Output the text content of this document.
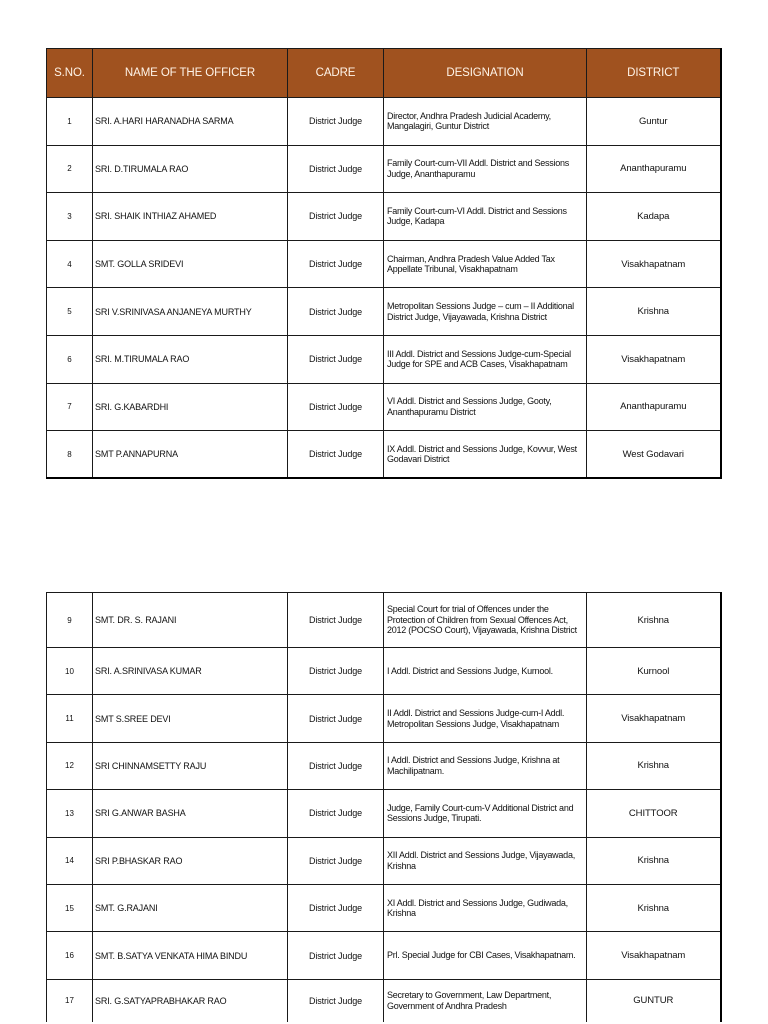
S.NO.	NAME OF THE OFFICER	CADRE	DESIGNATION	DISTRICT
1	SRI. A.HARI HARANADHA SARMA	District Judge	Director, Andhra Pradesh Judicial Academy, Mangalagiri, Guntur District	Guntur
2	SRI. D.TIRUMALA RAO	District Judge	Family Court-cum-VII Addl. District and Sessions Judge, Ananthapuramu	Ananthapuramu
3	SRI. SHAIK INTHIAZ AHAMED	District Judge	Family Court-cum-VI Addl. District and Sessions Judge, Kadapa	Kadapa
4	SMT. GOLLA SRIDEVI	District Judge	Chairman, Andhra Pradesh Value Added Tax Appellate Tribunal, Visakhapatnam	Visakhapatnam
5	SRI V.SRINIVASA ANJANEYA MURTHY	District Judge	Metropolitan Sessions Judge – cum – II Additional District Judge, Vijayawada, Krishna District	Krishna
6	SRI. M.TIRUMALA RAO	District Judge	III Addl. District and Sessions Judge-cum-Special Judge for SPE and ACB Cases, Visakhapatnam	Visakhapatnam
7	SRI. G.KABARDHI	District Judge	VI Addl. District and Sessions Judge, Gooty, Ananthapuramu District	Ananthapuramu
8	SMT P.ANNAPURNA	District Judge	IX Addl. District and Sessions Judge, Kovvur, West Godavari District	West Godavari
9	SMT. DR. S. RAJANI	District Judge	Special Court for trial of Offences under the Protection of Children from Sexual Offences Act, 2012 (POCSO Court), Vijayawada, Krishna District	Krishna
10	SRI. A.SRINIVASA KUMAR	District Judge	I Addl. District and Sessions Judge, Kurnool.	Kurnool
11	SMT S.SREE DEVI	District Judge	II Addl. District and Sessions Judge-cum-I Addl. Metropolitan Sessions Judge, Visakhapatnam	Visakhapatnam
12	SRI CHINNAMSETTY RAJU	District Judge	I Addl. District and Sessions Judge, Krishna at Machilipatnam.	Krishna
13	SRI G.ANWAR BASHA	District Judge	Judge, Family Court-cum-V Additional District and Sessions Judge, Tirupati.	CHITTOOR
14	SRI P.BHASKAR RAO	District Judge	XII Addl. District and Sessions Judge, Vijayawada, Krishna	Krishna
15	SMT. G.RAJANI	District Judge	XI Addl. District and Sessions Judge, Gudiwada, Krishna	Krishna
16	SMT. B.SATYA VENKATA HIMA BINDU	District Judge	Prl. Special Judge for CBI Cases, Visakhapatnam.	Visakhapatnam
17	SRI. G.SATYAPRABHAKAR RAO	District Judge	Secretary to Government, Law Department, Government of Andhra Pradesh	GUNTUR
